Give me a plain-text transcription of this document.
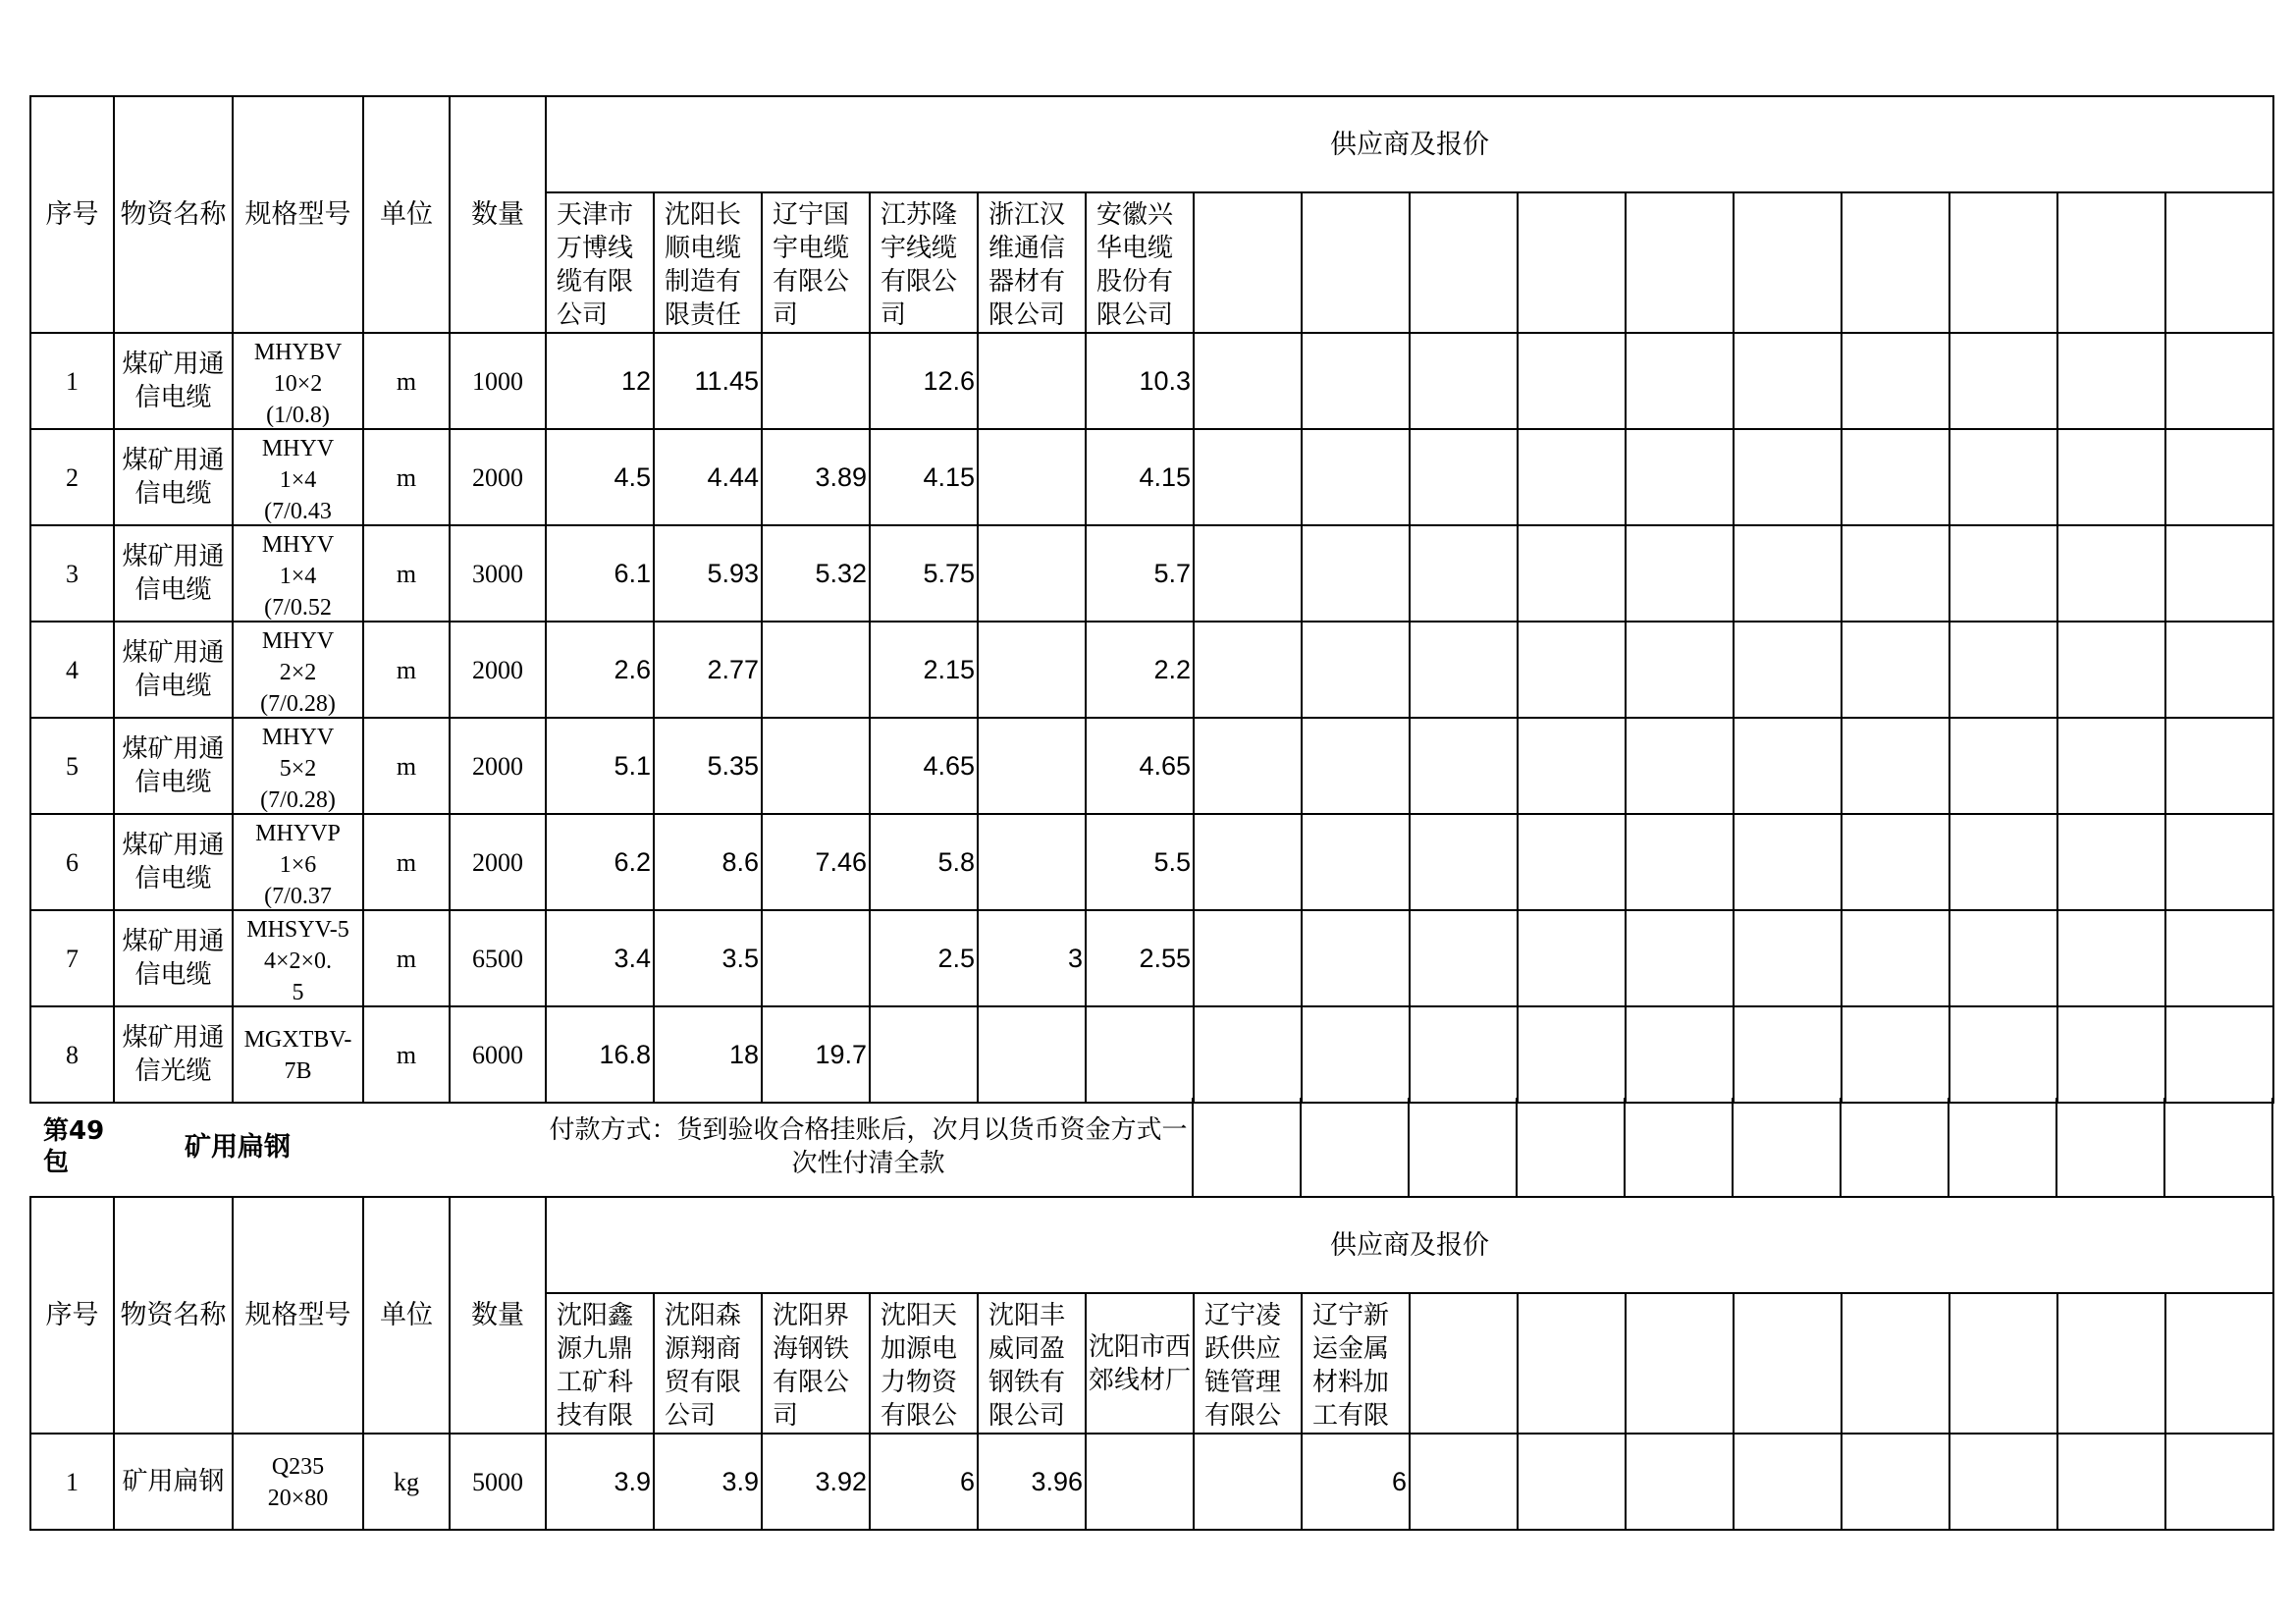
序号	物资名称	规格型号	单位	数量	供应商及报价															

					天津市万博线缆有限公司	沈阳长顺电缆制造有限责任	辽宁国宇电缆有限公司	江苏隆宇线缆有限公司	浙江汉维通信器材有限公司	安徽兴华电缆股份有限公司										

1	煤矿用通信电缆	MHYBV
10×2
(1/0.8)	m	1000	12	11.45		12.6		10.3										
2	煤矿用通信电缆	MHYV
1×4
(7/0.43	m	2000	4.5	4.44	3.89	4.15		4.15										
3	煤矿用通信电缆	MHYV
1×4
(7/0.52	m	3000	6.1	5.93	5.32	5.75		5.7										
4	煤矿用通信电缆	MHYV
2×2
(7/0.28)	m	2000	2.6	2.77		2.15		2.2										
5	煤矿用通信电缆	MHYV
5×2
(7/0.28)	m	2000	5.1	5.35		4.65		4.65										
6	煤矿用通信电缆	MHYVP
1×6
(7/0.37	m	2000	6.2	8.6	7.46	5.8		5.5										
7	煤矿用通信电缆	MHSYV-5
4×2×0.
5	m	6500	3.4	3.5		2.5	3	2.55										
8	煤矿用通信光缆	MGXTBV-
7B	m	6000	16.8	18	19.7													
第49包	矿用扁钢		付款方式：货到验收合格挂账后，次月以货币资金方式一次性付清全款										
序号	物资名称	规格型号	单位	数量	供应商及报价															

					沈阳鑫源九鼎工矿科技有限	沈阳森源翔商贸有限公司	沈阳界海钢铁有限公司	沈阳天加源电力物资有限公	沈阳丰威同盈钢铁有限公司	沈阳市西郊线材厂	辽宁凌跃供应链管理有限公	辽宁新运金属材料加工有限								

1	矿用扁钢	Q235
20×80	kg	5000	3.9	3.9	3.92	6	3.96			6								
